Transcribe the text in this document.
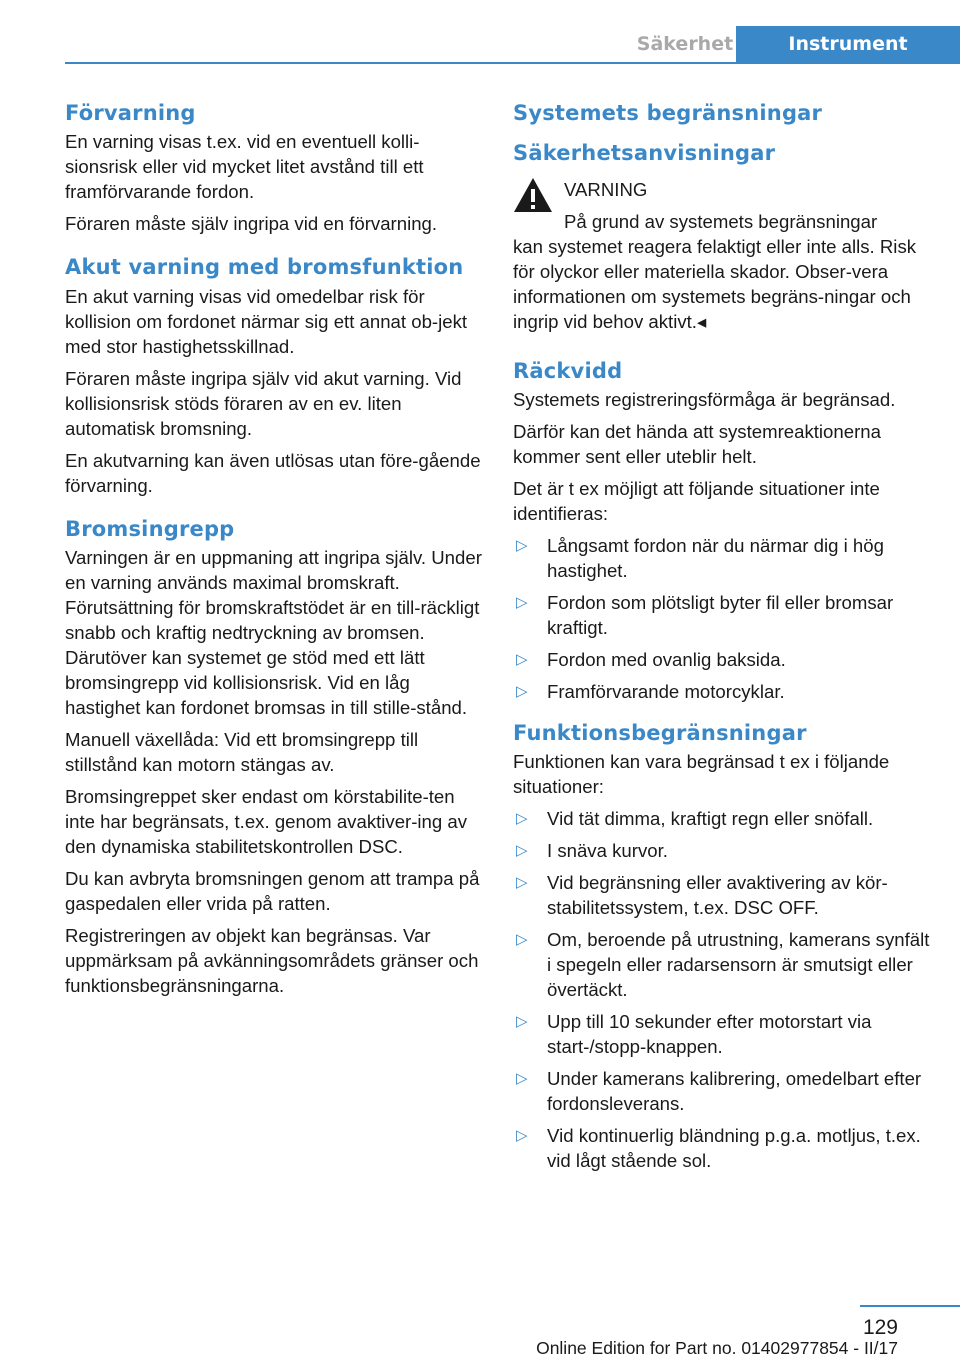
Säkerhet	Instrument
Förvarning

En varning visas t.ex. vid en eventuell kolli-sionsrisk eller vid mycket litet avstånd till ett framförvarande fordon.

Föraren måste själv ingripa vid en förvarning.

Akut varning med bromsfunktion

En akut varning visas vid omedelbar risk för kollision om fordonet närmar sig ett annat ob-jekt med stor hastighetsskillnad.

Föraren måste ingripa själv vid akut varning. Vid kollisionsrisk stöds föraren av en ev. liten automatisk bromsning.

En akutvarning kan även utlösas utan före-gående förvarning.

Bromsingrepp

Varningen är en uppmaning att ingripa själv. Under en varning används maximal bromskraft. Förutsättning för bromskraftstödet är en till-räckligt snabb och kraftig nedtryckning av bromsen. Därutöver kan systemet ge stöd med ett lätt bromsingrepp vid kollisionsrisk. Vid en låg hastighet kan fordonet bromsas in till stille-stånd.

Manuell växellåda: Vid ett bromsingrepp till stillstånd kan motorn stängas av.

Bromsingreppet sker endast om körstabilite-ten inte har begränsats, t.ex. genom avaktiver-ing av den dynamiska stabilitetskontrollen DSC.

Du kan avbryta bromsningen genom att trampa på gaspedalen eller vrida på ratten.

Registreringen av objekt kan begränsas. Var uppmärksam på avkänningsområdets gränser och funktionsbegränsningarna.

Systemets begränsningar
Säkerhetsanvisningar
VARNING

På grund av systemets begränsningar
kan systemet reagera felaktigt eller inte alls. Risk för olyckor eller materiella skador. Obser-vera informationen om systemets begräns-ningar och ingrip vid behov aktivt.◂

Räckvidd

Systemets registreringsförmåga är begränsad.

Därför kan det hända att systemreaktionerna kommer sent eller uteblir helt.

Det är t ex möjligt att följande situationer inte identifieras:

▷ Långsamt fordon när du närmar dig i hög hastighet.
▷ Fordon som plötsligt byter fil eller bromsar kraftigt.
▷ Fordon med ovanlig baksida.
▷ Framförvarande motorcyklar.
Funktionsbegränsningar

Funktionen kan vara begränsad t ex i följande situationer:

▷ Vid tät dimma, kraftigt regn eller snöfall.
▷ I snäva kurvor.
▷ Vid begränsning eller avaktivering av kör-stabilitetssystem, t.ex. DSC OFF.
▷ Om, beroende på utrustning, kamerans synfält i spegeln eller radarsensorn är smutsigt eller övertäckt.
▷ Upp till 10 sekunder efter motorstart via start-/stopp-knappen.
▷ Under kamerans kalibrering, omedelbart efter fordonsleverans.
▷ Vid kontinuerlig bländning p.g.a. motljus, t.ex. vid lågt stående sol.
129
Online Edition for Part no. 01402977854 - II/17
